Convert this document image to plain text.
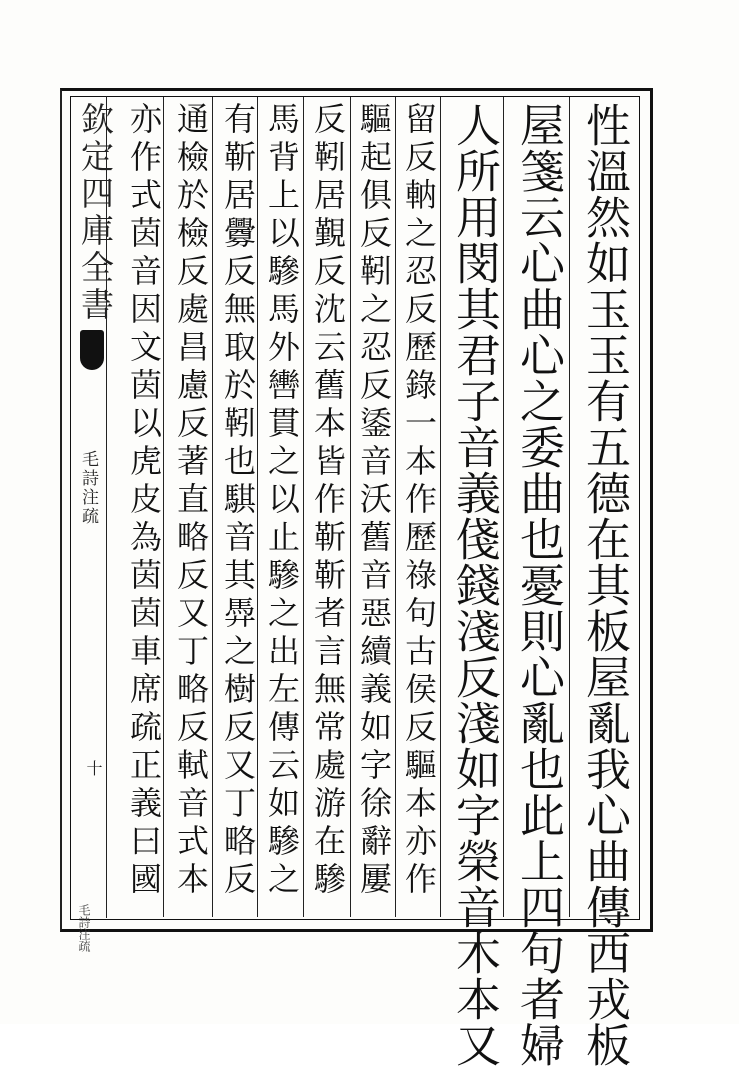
欽定四庫全書
毛詩注疏
十	性溫然如玉玉有五德在其板屋亂我心曲傳西戎板
屋箋云心曲心之委曲也憂則心亂也此上四句者婦
人所用閔其君子音義俴錢淺反淺如字榮音木本又
留反軜之忍反歷錄一本作歷祿句古侯反驅本亦作
驅起俱反靷之忍反鋈音沃舊音惡續義如字徐辭屢
反靷居覲反沈云舊本皆作靳靳者言無常處游在驂
馬背上以驂馬外轡貫之以止驂之出左傳云如驂之
有靳居釁反無取於靷也騏音其馵之樹反又丁略反
通檢於檢反處昌慮反著直略反又丁略反軾音式本
亦作式茵音因文茵以虎皮為茵茵車席疏正義曰國
毛詩注疏
